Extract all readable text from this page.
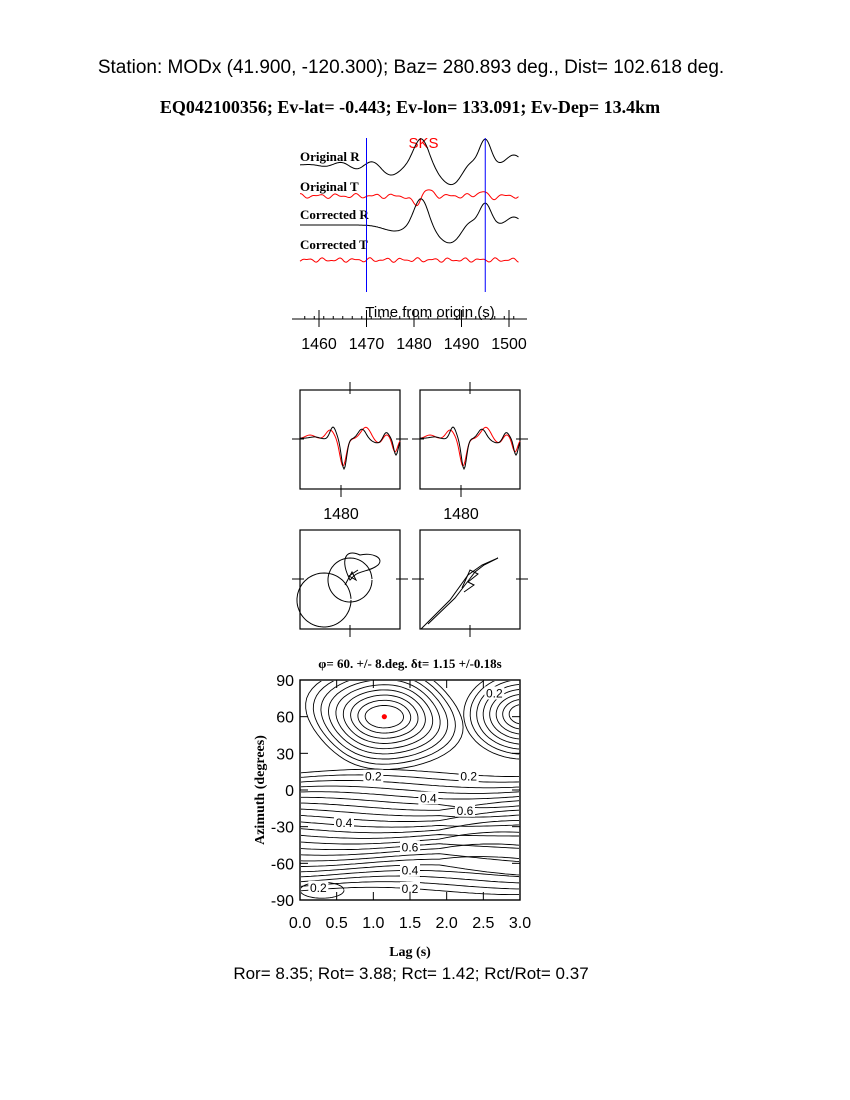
Station: MODx (41.900, -120.300); Baz= 280.893 deg., Dist= 102.618 deg.
EQ042100356; Ev-lat= -0.443; Ev-lon= 133.091; Ev-Dep= 13.4km
SKS
Original R
Original T
Corrected R
Corrected T
Time from origin (s)
1460 1470 1480 1490 1500
1480	1480
φ= 60. +/- 8.deg. δt= 1.15 +/-0.18s
0.2
0.2	0.2
0.4
0.6
0.4
0.6
0.4
0.2	0.2
0.0 0.5 1.0 1.5 2.0 2.5 3.0
90
60
30
0
-30
-60
-90
Lag (s)
Azimuth (degrees)
Ror= 8.35; Rot= 3.88; Rct= 1.42; Rct/Rot= 0.37
